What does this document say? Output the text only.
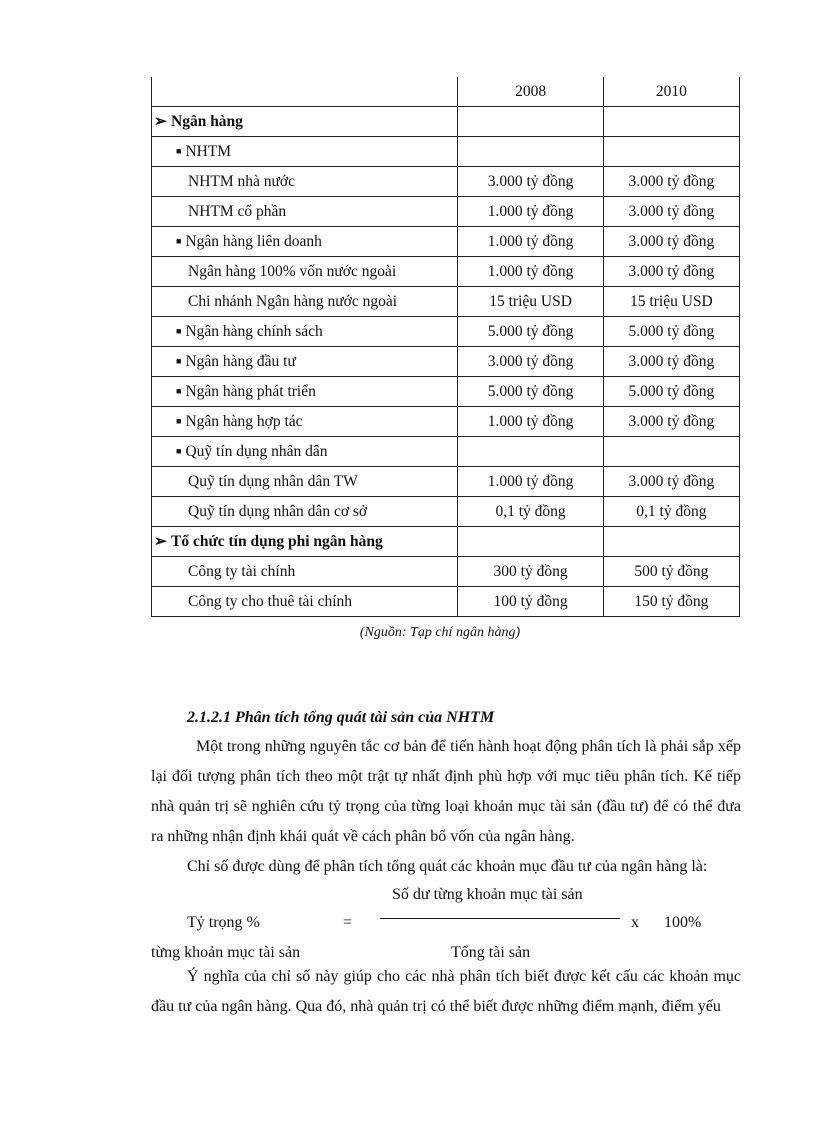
	2008	2010
➢ Ngân hàng		
■ NHTM		
NHTM nhà nước	3.000 tỷ đồng	3.000 tỷ đồng
NHTM cổ phần	1.000 tỷ đồng	3.000 tỷ đồng
■ Ngân hàng liên doanh	1.000 tỷ đồng	3.000 tỷ đồng
Ngân hàng 100% vốn nước ngoài	1.000 tỷ đồng	3.000 tỷ đồng
Chi nhánh Ngân hàng nước ngoài	15 triệu USD	15 triệu USD
■ Ngân hàng chính sách	5.000 tỷ đồng	5.000 tỷ đồng
■ Ngân hàng đầu tư	3.000 tỷ đồng	3.000 tỷ đồng
■ Ngân hàng phát triển	5.000 tỷ đồng	5.000 tỷ đồng
■ Ngân hàng hợp tác	1.000 tỷ đồng	3.000 tỷ đồng
■ Quỹ tín dụng nhân dân		
Quỹ tín dụng nhân dân TW	1.000 tỷ đồng	3.000 tỷ đồng
Quỹ tín dụng nhân dân cơ sở	0,1 tỷ đồng	0,1 tỷ đồng
➢ Tổ chức tín dụng phi ngân hàng		
Công ty tài chính	300 tỷ đồng	500 tỷ đồng
Công ty cho thuê tài chính	100 tỷ đồng	150 tỷ đồng
(Nguồn: Tạp chí ngân hàng)
2.1.2.1 Phân tích tổng quát tài sản của NHTM
Một trong những nguyên tắc cơ bản để tiến hành hoạt động phân tích là phải sắp xếp lại đối tượng phân tích theo một trật tự nhất định phù hợp với mục tiêu phân tích. Kế tiếp nhà quản trị sẽ nghiên cứu tỷ trọng của từng loại khoản mục tài sản (đầu tư) để có thể đưa ra những nhận định khái quát về cách phân bổ vốn của ngân hàng.
Chỉ số được dùng để phân tích tổng quát các khoản mục đầu tư của ngân hàng là:
Số dư từng khoản mục tài sản
Tỷ trọng %	=	x 100%
từng khoản mục tài sản	Tổng tài sản
Ý nghĩa của chỉ số này giúp cho các nhà phân tích biết được kết cấu các khoản mục đầu tư của ngân hàng. Qua đó, nhà quản trị có thể biết được những điểm mạnh, điểm yếu
